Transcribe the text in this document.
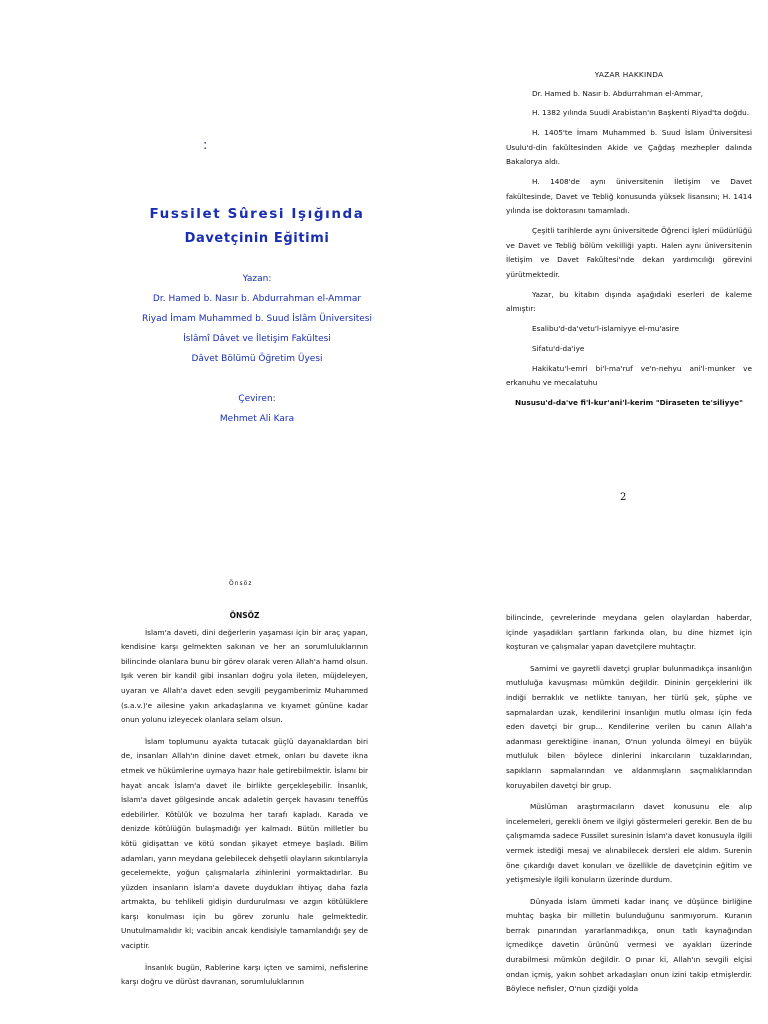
:
Fussilet Sûresi Işığında
Davetçinin Eğitimi
Yazan:
Dr. Hamed b. Nasır b. Abdurrahman el-Ammar
Riyad İmam Muhammed b. Suud İslâm Üniversitesi
İslâmî Dâvet ve İletişim Fakültesi
Dâvet Bölümü Öğretim Üyesi
Çeviren:
Mehmet Ali Kara
YAZAR HAKKINDA

Dr. Hamed b. Nasır b. Abdurrahman el-Ammar,

H. 1382 yılında Suudi Arabistan'ın Başkenti Riyad'ta doğdu.

H. 1405'te İmam Muhammed b. Suud İslam Üniversitesi Usulu'd-din fakültesinden Akide ve Çağdaş mezhepler dalında Bakalorya aldı.

H. 1408'de aynı üniversitenin İletişim ve Davet fakültesinde, Davet ve Tebliğ konusunda yüksek lisansını; H. 1414 yılında ise doktorasını tamamladı.

Çeşitli tarihlerde aynı üniversitede Öğrenci İşleri müdürlüğü ve Davet ve Tebliğ bölüm vekilliği yaptı. Halen aynı üniversitenin İletişim ve Davet Fakültesi'nde dekan yardımcılığı görevini yürütmektedir.

Yazar, bu kitabın dışında aşağıdaki eserleri de kaleme almıştır:

Esalibu'd-da'vetu'l-islamiyye el-mu'asire

Sifatu'd-da'iye

Hakikatu'l-emri bi'l-ma'ruf ve'n-nehyu ani'l-munker ve erkanuhu ve mecalatuhu

Nususu'd-da've fi'l-kur'ani'l-kerim "Diraseten te'siliyye"

2
Önsöz
ÖNSÖZ

İslam'a daveti, dini değerlerin yaşaması için bir araç yapan, kendisine karşı gelmekten sakınan ve her an sorumluluklarının bilincinde olanlara bunu bir görev olarak veren Allah'a hamd olsun. Işık veren bir kandil gibi insanları doğru yola ileten, müjdeleyen, uyaran ve Allah'a davet eden sevgili peygamberimiz Muhammed (s.a.v.)'e ailesine yakın arkadaşlarına ve kıyamet gününe kadar onun yolunu izleyecek olanlara selam olsun.

İslam toplumunu ayakta tutacak güçlü dayanaklardan biri de, insanları Allah'ın dinine davet etmek, onları bu davete ikna etmek ve hükümlerine uymaya hazır hale getirebilmektir. İslamı bir hayat ancak İslam'a davet ile birlikte gerçekleşebilir. İnsanlık, İslam'a davet gölgesinde ancak adaletin gerçek havasını teneffüs edebilirler. Kötülük ve bozulma her tarafı kapladı. Karada ve denizde kötülüğün bulaşmadığı yer kalmadı. Bütün milletler bu kötü gidişattan ve kötü sondan şikayet etmeye başladı. Bilim adamları, yarın meydana gelebilecek dehşetli olayların sıkıntılarıyla gecelemekte, yoğun çalışmalarla zihinlerini yormaktadırlar. Bu yüzden insanların İslam'a davete duydukları ihtiyaç daha fazla artmakta, bu tehlikeli gidişin durdurulması ve azgın kötülüklere karşı konulması için bu görev zorunlu hale gelmektedir. Unutulmamalıdır ki; vacibin ancak kendisiyle tamamlandığı şey de vaciptir.

İnsanlık bugün, Rablerine karşı içten ve samimi, nefislerine karşı doğru ve dürüst davranan, sorumluluklarının

bilincinde, çevrelerinde meydana gelen olaylardan haberdar, içinde yaşadıkları şartların farkında olan, bu dine hizmet için koşturan ve çalışmalar yapan davetçilere muhtaçtır.

Samimi ve gayretli davetçi gruplar bulunmadıkça insanlığın mutluluğa kavuşması mümkün değildir. Dininin gerçeklerini ilk indiği berraklık ve netlikte tanıyan, her türlü şek, şüphe ve sapmalardan uzak, kendilerini insanlığın mutlu olması için feda eden davetçi bir grup... Kendilerine verilen bu canın Allah'a adanması gerektiğine inanan, O'nun yolunda ölmeyi en büyük mutluluk bilen böylece dinlerini inkarcıların tuzaklarından, sapıkların sapmalarından ve aldanmışların saçmalıklarından koruyabilen davetçi bir grup.

Müslüman araştırmacıların davet konusunu ele alıp incelemeleri, gerekli önem ve ilgiyi göstermeleri gerekir. Ben de bu çalışmamda sadece Fussilet suresinin İslam'a davet konusuyla ilgili vermek istediği mesaj ve alınabilecek dersleri ele aldım. Surenin öne çıkardığı davet konuları ve özellikle de davetçinin eğitim ve yetişmesiyle ilgili konuların üzerinde durdum.

Dünyada İslam ümmeti kadar inanç ve düşünce birliğine muhtaç başka bir milletin bulunduğunu sanmıyorum. Kuranın berrak pınarından yararlanmadıkça, onun tatlı kaynağından içmedikçe davetin ürününü vermesi ve ayakları üzerinde durabilmesi mümkün değildir. O pınar ki, Allah'ın sevgili elçisi ondan içmiş, yakın sohbet arkadaşları onun izini takip etmişlerdir. Böylece nefisler, O'nun çizdiği yolda
